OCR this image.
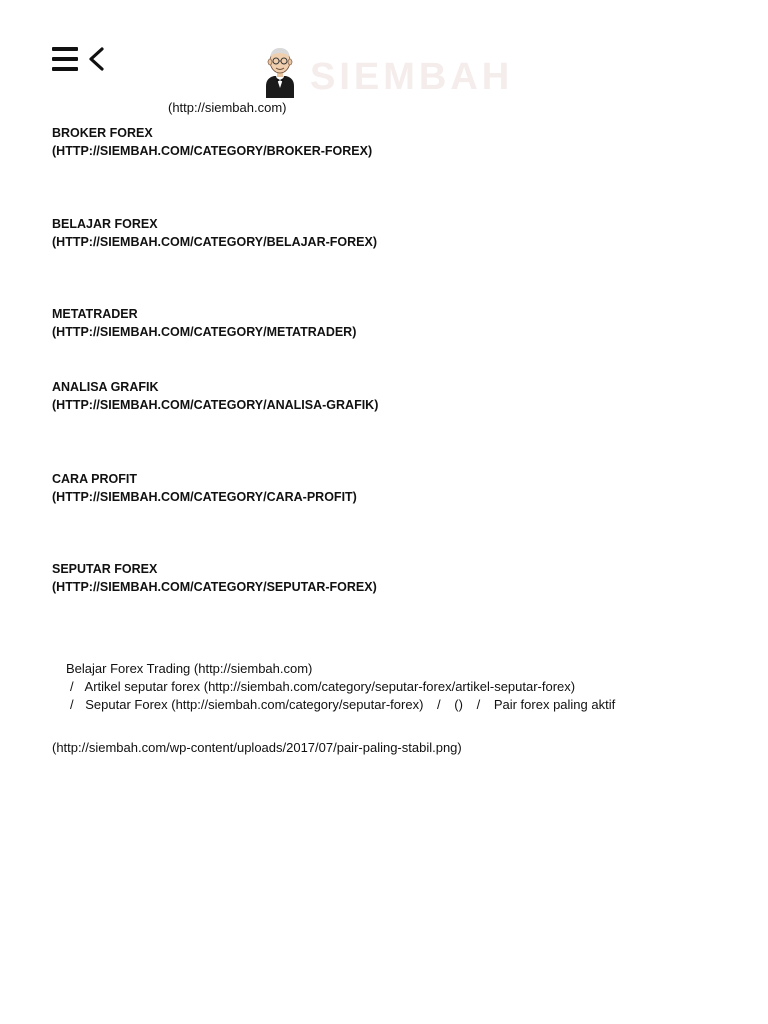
SIEMBAH
(http://siembah.com)
BROKER FOREX (HTTP://SIEMBAH.COM/CATEGORY/BROKER-FOREX)
BELAJAR FOREX (HTTP://SIEMBAH.COM/CATEGORY/BELAJAR-FOREX)
METATRADER (HTTP://SIEMBAH.COM/CATEGORY/METATRADER)
ANALISA GRAFIK (HTTP://SIEMBAH.COM/CATEGORY/ANALISA-GRAFIK)
CARA PROFIT (HTTP://SIEMBAH.COM/CATEGORY/CARA-PROFIT)
SEPUTAR FOREX (HTTP://SIEMBAH.COM/CATEGORY/SEPUTAR-FOREX)
Belajar Forex Trading (http://siembah.com)
/ Artikel seputar forex (http://siembah.com/category/seputar-forex/artikel-seputar-forex)
/ Seputar Forex (http://siembah.com/category/seputar-forex) / () / Pair forex paling aktif
(http://siembah.com/wp-content/uploads/2017/07/pair-paling-stabil.png)
